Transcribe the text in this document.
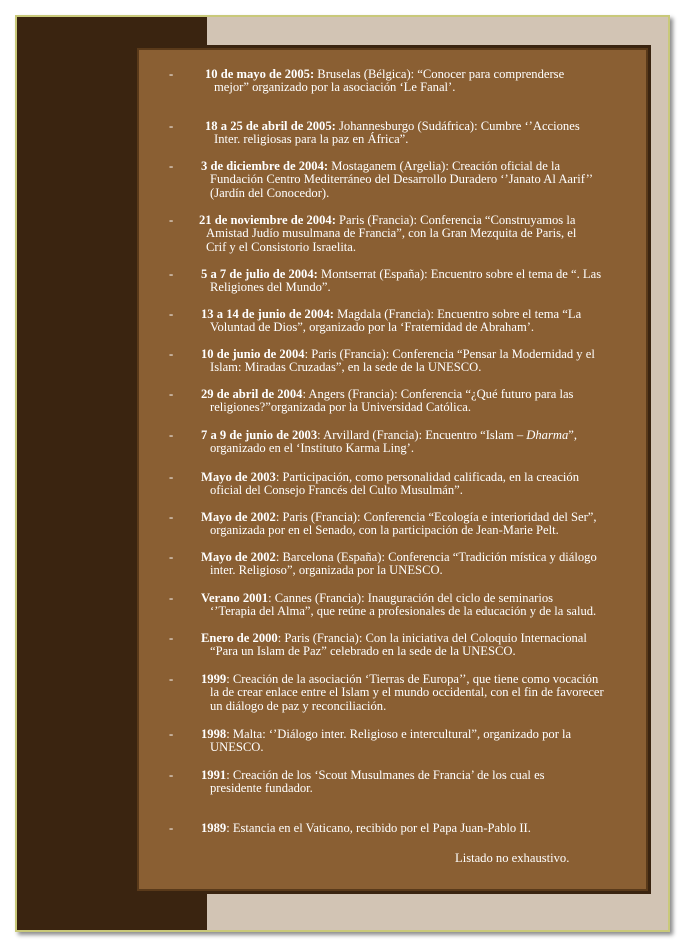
Listado no exhaustivo.
-	10 de mayo de 2005: Bruselas (Bélgica): “Conocer para comprenderse
mejor” organizado por la asociación ‘Le Fanal’.
-	18 a 25 de abril de 2005: Johannesburgo (Sudáfrica): Cumbre ‘’Acciones
Inter. religiosas para la paz en África”.
- 3 de diciembre de 2004: Mostaganem (Argelia): Creación oficial de la
Fundación Centro Mediterráneo del Desarrollo Duradero ‘’Janato Al Aarif’’
(Jardín del Conocedor).
- 21 de noviembre de 2004: Paris (Francia): Conferencia “Construyamos la
Amistad Judío musulmana de Francia”, con la Gran Mezquita de Paris, el
Crif y el Consistorio Israelita.
- 5 a 7 de julio de 2004: Montserrat (España): Encuentro sobre el tema de “. Las
Religiones del Mundo”.
- 13 a 14 de junio de 2004: Magdala (Francia): Encuentro sobre el tema “La
Voluntad de Dios”, organizado por la ‘Fraternidad de Abraham’.
- 10 de junio de 2004: Paris (Francia): Conferencia “Pensar la Modernidad y el
Islam: Miradas Cruzadas”, en la sede de la UNESCO.
- 29 de abril de 2004: Angers (Francia): Conferencia “¿Qué futuro para las
religiones?”organizada por la Universidad Católica.
- 7 a 9 de junio de 2003: Arvillard (Francia): Encuentro “Islam – Dharma”,
organizado en el ‘Instituto Karma Ling’.
- Mayo de 2003: Participación, como personalidad calificada, en la creación
oficial del Consejo Francés del Culto Musulmán”.
- Mayo de 2002: Paris (Francia): Conferencia “Ecología e interioridad del Ser”,
organizada por en el Senado, con la participación de Jean-Marie Pelt.
- Mayo de 2002: Barcelona (España): Conferencia “Tradición mística y diálogo
inter. Religioso”, organizada por la UNESCO.
- Verano 2001: Cannes (Francia): Inauguración del ciclo de seminarios
‘’Terapia del Alma”, que reúne a profesionales de la educación y de la salud.
- Enero de 2000: Paris (Francia): Con la iniciativa del Coloquio Internacional
“Para un Islam de Paz” celebrado en la sede de la UNESCO.
- 1999: Creación de la asociación ‘Tierras de Europa’’, que tiene como vocación
la de crear enlace entre el Islam y el mundo occidental, con el fin de favorecer
un diálogo de paz y reconciliación.
- 1998: Malta: ‘’Diálogo inter. Religioso e intercultural”, organizado por la
UNESCO.
- 1991: Creación de los ‘Scout Musulmanes de Francia’ de los cual es
presidente fundador.
- 1989: Estancia en el Vaticano, recibido por el Papa Juan-Pablo II.
